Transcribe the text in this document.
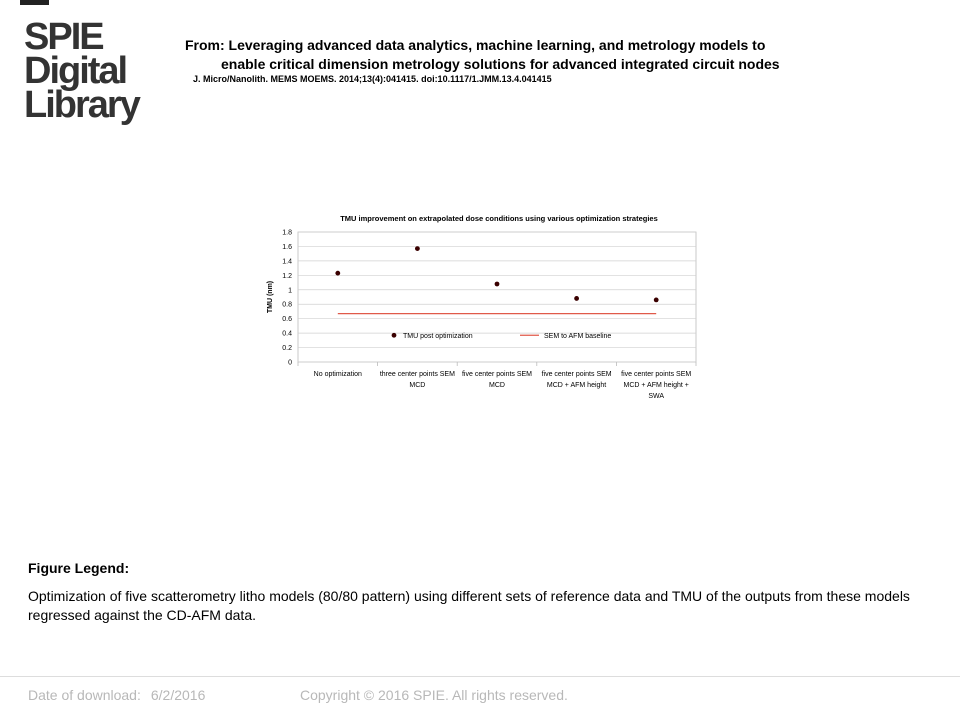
SPIE
Digital
Library
From: Leveraging advanced data analytics, machine learning, and metrology models to
enable critical dimension metrology solutions for advanced integrated circuit nodes
J. Micro/Nanolith. MEMS MOEMS. 2014;13(4):041415. doi:10.1117/1.JMM.13.4.041415
TMU improvement on extrapolated dose conditions using various optimization strategies
0
0.2
0.4
0.6
0.8
1
1.2
1.4
1.6
1.8
TMU (nm)
No optimization	three center points SEM
MCD
five center points SEM
MCD
five center points SEM
MCD + AFM height
five center points SEM
MCD + AFM height +
SWA
TMU post optimization	SEM to AFM baseline
Figure Legend:
Optimization of five scatterometry litho models (80/80 pattern) using different sets of reference data and TMU of the outputs from these models regressed against the CD-AFM data.
Date of download: 6/2/2016	Copyright © 2016 SPIE. All rights reserved.
